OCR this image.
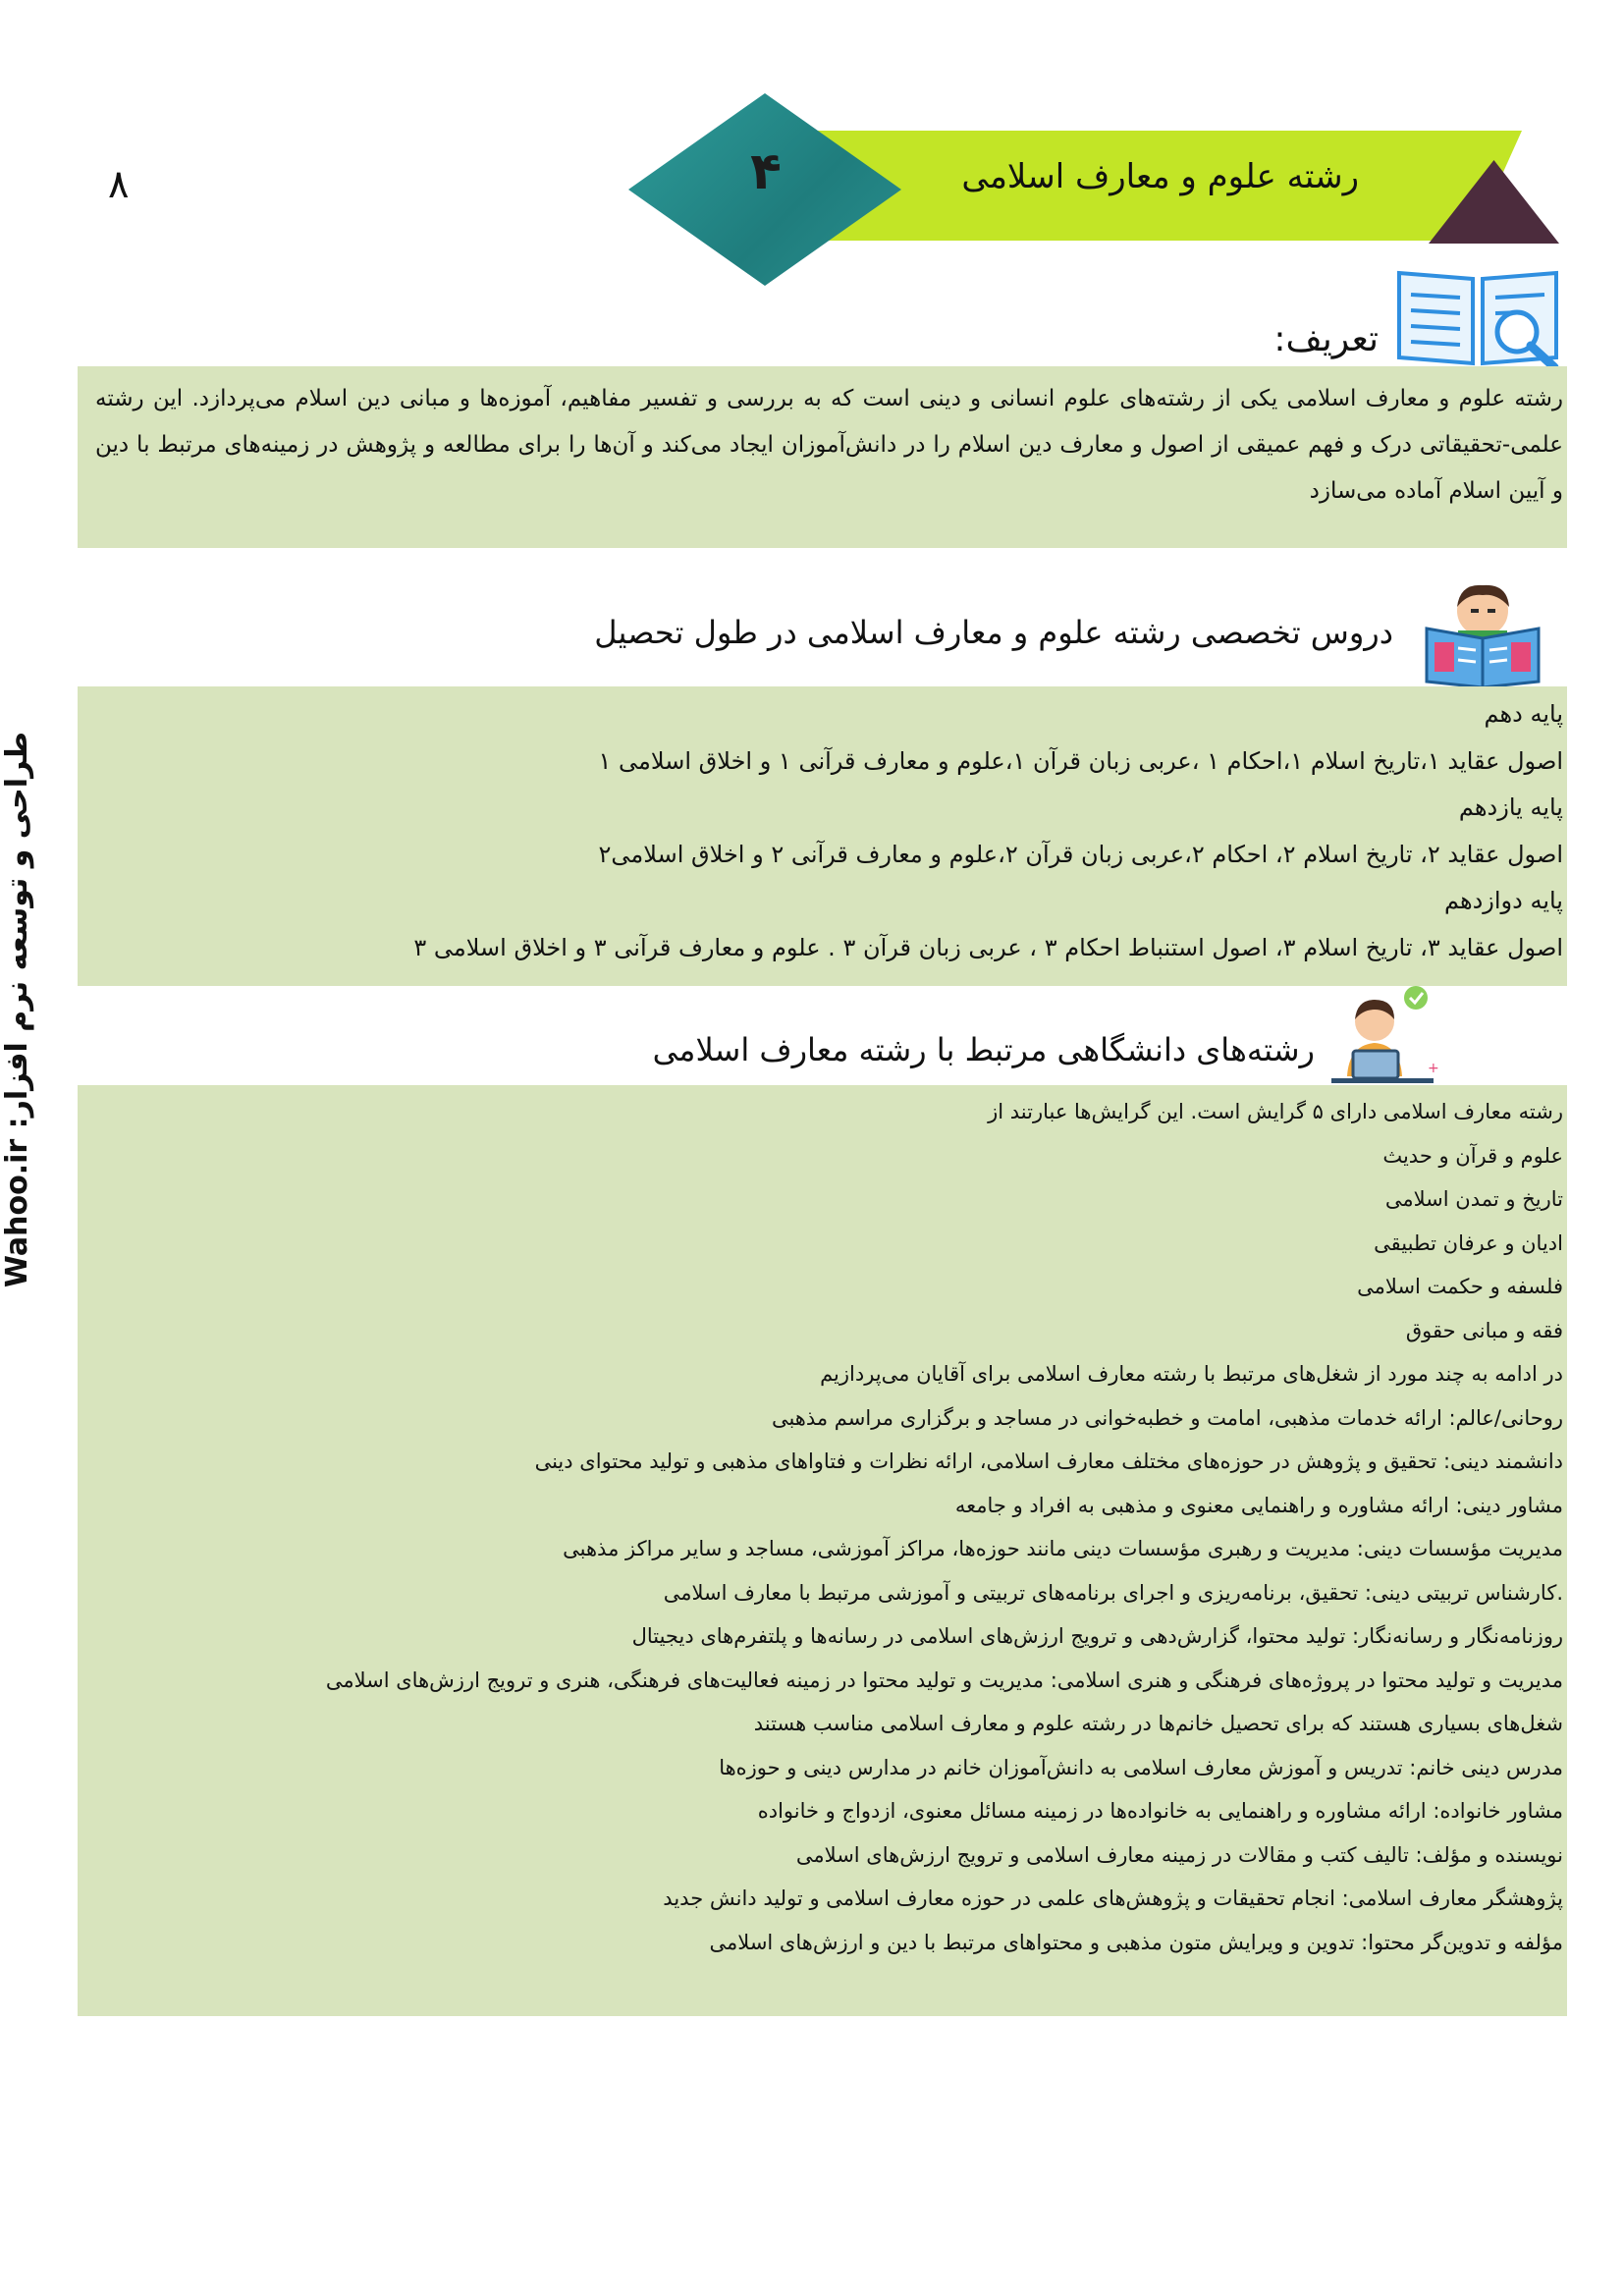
۸	رشته علوم و معارف اسلامی
۴
طراحی و توسعه نرم افزار: Wahoo.ir
تعریف:
رشته علوم و معارف اسلامی یکی از رشته‌های علوم انسانی و دینی است که به بررسی و تفسیر مفاهیم، آموزه‌ها و مبانی دین اسلام می‌پردازد. این رشته علمی-تحقیقاتی درک و فهم عمیقی از اصول و معارف دین اسلام را در دانش‌آموزان ایجاد می‌کند و آن‌ها را برای مطالعه و پژوهش در زمینه‌های مرتبط با دین و آیین اسلام آماده می‌سازد
دروس تخصصی رشته علوم و معارف اسلامی در طول تحصیل
پایه دهم
اصول عقاید ۱،تاریخ اسلام ۱،احکام ۱ ،عربی زبان قرآن ۱،علوم و معارف قرآنی ۱ و اخلاق اسلامی ۱
پایه یازدهم
اصول عقاید ۲، تاریخ اسلام ۲، احکام ۲،عربی زبان قرآن ۲،علوم و معارف قرآنی ۲ و اخلاق اسلامی۲
پایه دوازدهم
اصول عقاید ۳، تاریخ اسلام ۳، اصول استنباط احکام ۳ ، عربی زبان قرآن ۳ . علوم و معارف قرآنی ۳ و اخلاق اسلامی ۳
+
رشته‌های دانشگاهی مرتبط با رشته معارف اسلامی
رشته معارف اسلامی دارای ۵ گرایش است. این گرایش‌ها عبارتند از
علوم و قرآن و حدیث
تاریخ و تمدن اسلامی
ادیان و عرفان تطبیقی
فلسفه و حکمت اسلامی
فقه و مبانی حقوق
در ادامه به چند مورد از شغل‌های مرتبط با رشته معارف اسلامی برای آقایان می‌پردازیم
روحانی/عالم: ارائه خدمات مذهبی، امامت و خطبه‌خوانی در مساجد و برگزاری مراسم مذهبی
دانشمند دینی: تحقیق و پژوهش در حوزه‌های مختلف معارف اسلامی، ارائه نظرات و فتاواهای مذهبی و تولید محتوای دینی
مشاور دینی: ارائه مشاوره و راهنمایی معنوی و مذهبی به افراد و جامعه
مدیریت مؤسسات دینی: مدیریت و رهبری مؤسسات دینی مانند حوزه‌ها، مراکز آموزشی، مساجد و سایر مراکز مذهبی
.کارشناس تربیتی دینی: تحقیق، برنامه‌ریزی و اجرای برنامه‌های تربیتی و آموزشی مرتبط با معارف اسلامی
روزنامه‌نگار و رسانه‌نگار: تولید محتوا، گزارش‌دهی و ترویج ارزش‌های اسلامی در رسانه‌ها و پلتفرم‌های دیجیتال
مدیریت و تولید محتوا در پروژه‌های فرهنگی و هنری اسلامی: مدیریت و تولید محتوا در زمینه فعالیت‌های فرهنگی، هنری و ترویج ارزش‌های اسلامی
شغل‌های بسیاری هستند که برای تحصیل خانم‌ها در رشته علوم و معارف اسلامی مناسب هستند
مدرس دینی خانم: تدریس و آموزش معارف اسلامی به دانش‌آموزان خانم در مدارس دینی و حوزه‌ها
مشاور خانواده: ارائه مشاوره و راهنمایی به خانواده‌ها در زمینه مسائل معنوی، ازدواج و خانواده
نویسنده و مؤلف: تالیف کتب و مقالات در زمینه معارف اسلامی و ترویج ارزش‌های اسلامی
پژوهشگر معارف اسلامی: انجام تحقیقات و پژوهش‌های علمی در حوزه معارف اسلامی و تولید دانش جدید
مؤلفه و تدوین‌گر محتوا: تدوین و ویرایش متون مذهبی و محتواهای مرتبط با دین و ارزش‌های اسلامی
